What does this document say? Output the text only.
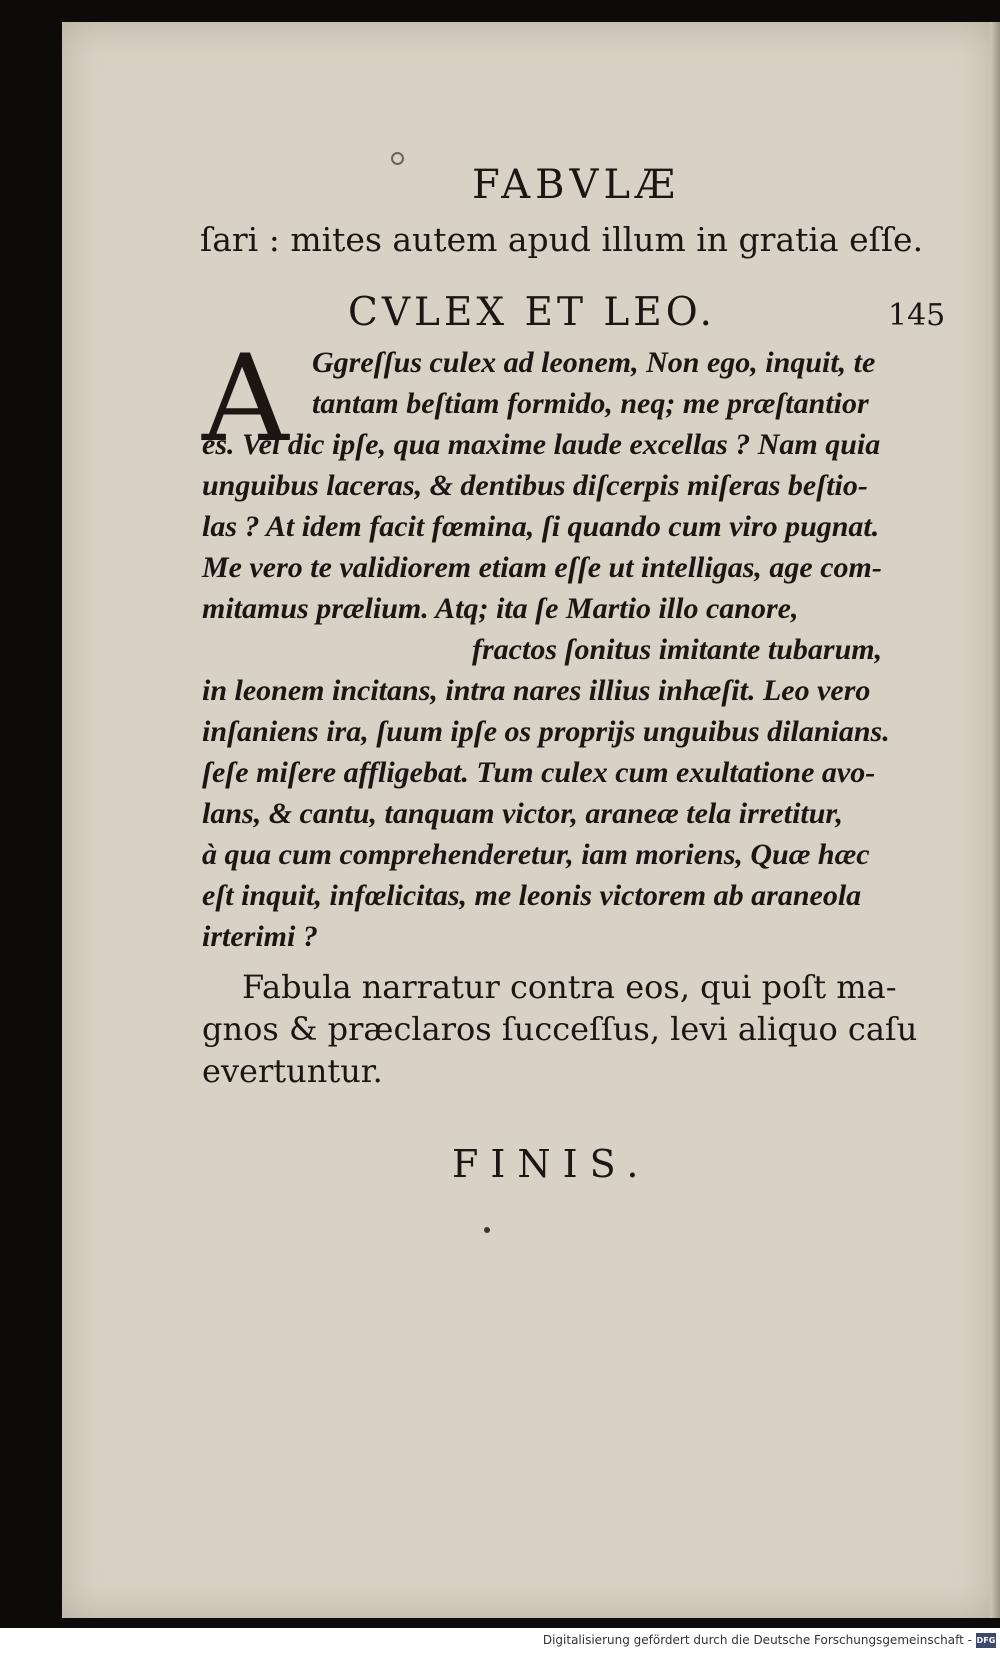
FABVLÆ
ſari : mites autem apud illum in gratia eſſe.
CVLEX ET LEO.	145
A Ggreſſus culex ad leonem, Non ego, inquit, te
tantam beſtiam formido, neq; me præſtantior
es. Vel dic ipſe, qua maxime laude excellas ? Nam quia
unguibus laceras, & dentibus diſcerpis miſeras beſtio-
las ? At idem facit fœmina, ſi quando cum viro pugnat.
Me vero te validiorem etiam eſſe ut intelligas, age com-
mitamus prælium. Atq; ita ſe Martio illo canore,
fractos ſonitus imitante tubarum,
in leonem incitans, intra nares illius inhæſit. Leo vero
inſaniens ira, ſuum ipſe os proprijs unguibus dilanians.
ſeſe miſere affligebat. Tum culex cum exultatione avo-
lans, & cantu, tanquam victor, araneæ tela irretitur,
à qua cum comprehenderetur, iam moriens, Quæ hæc
eſt inquit, infœlicitas, me leonis victorem ab araneola
irterimi ?
Fabula narratur contra eos, qui poſt ma-
gnos & præclaros ſucceſſus, levi aliquo caſu
evertuntur.
FINIS.
Digitalisierung gefördert durch die Deutsche Forschungsgemeinschaft - DFG
